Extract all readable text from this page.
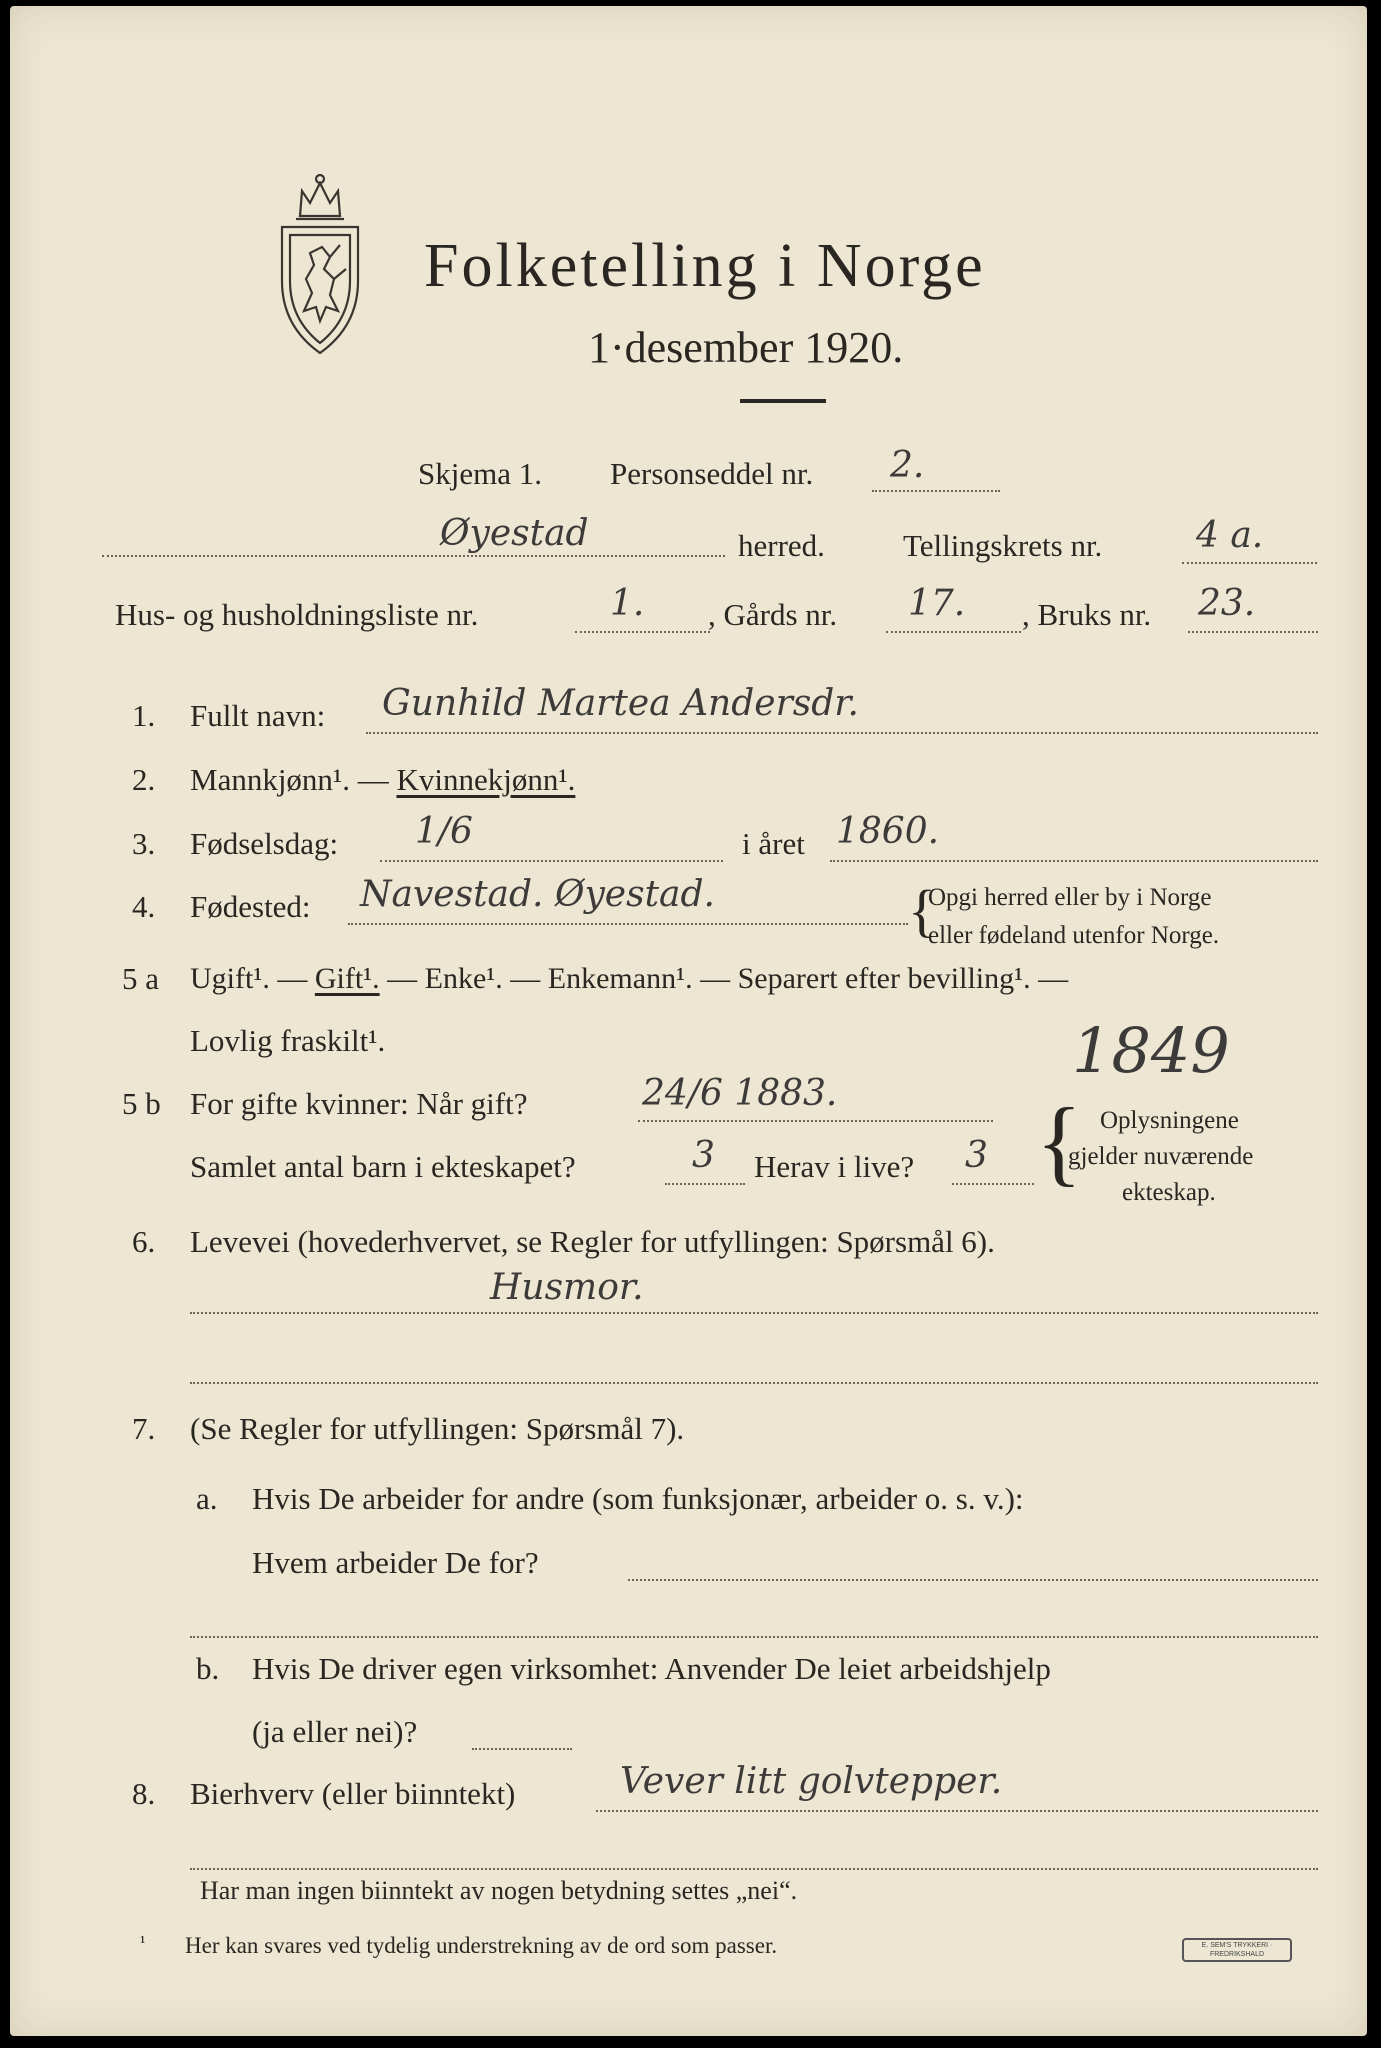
Folketelling i Norge
1·desember 1920.
Skjema 1. Personseddel nr. 2.
Øyestad	herred.	Tellingskrets nr.	4 a.
Hus- og husholdningsliste nr.	1. , Gårds nr. 17. , Bruks nr. 23.
1. Fullt navn: Gunhild Martea Andersdr.
2. Mannkjønn¹. — Kvinnekjønn¹.
3. Fødselsdag: 1/6	i året 1860.
4. Fødested: Navestad. Øyestad.	{
Opgi herred eller by i Norge
eller fødeland utenfor Norge.
5 a Ugift¹. — Gift¹. — Enke¹. — Enkemann¹. — Separert efter bevilling¹. —
Lovlig fraskilt¹.	1849
5 b For gifte kvinner: Når gift?	24/6 1883.
Samlet antal barn i ekteskapet?	3 Herav i live? 3 { Oplysningene
gjelder nuværende
ekteskap.
6. Levevei (hovederhvervet, se Regler for utfyllingen: Spørsmål 6).
Husmor.
7. (Se Regler for utfyllingen: Spørsmål 7).
a. Hvis De arbeider for andre (som funksjonær, arbeider o. s. v.):
Hvem arbeider De for?
b. Hvis De driver egen virksomhet: Anvender De leiet arbeidshjelp
(ja eller nei)?
8. Bierhverv (eller biinntekt)	Vever litt golvtepper.
Har man ingen biinntekt av nogen betydning settes „nei“.
¹ Her kan svares ved tydelig understrekning av de ord som passer.	E. SEM'S TRYKKERI · FREDRIKSHALD
